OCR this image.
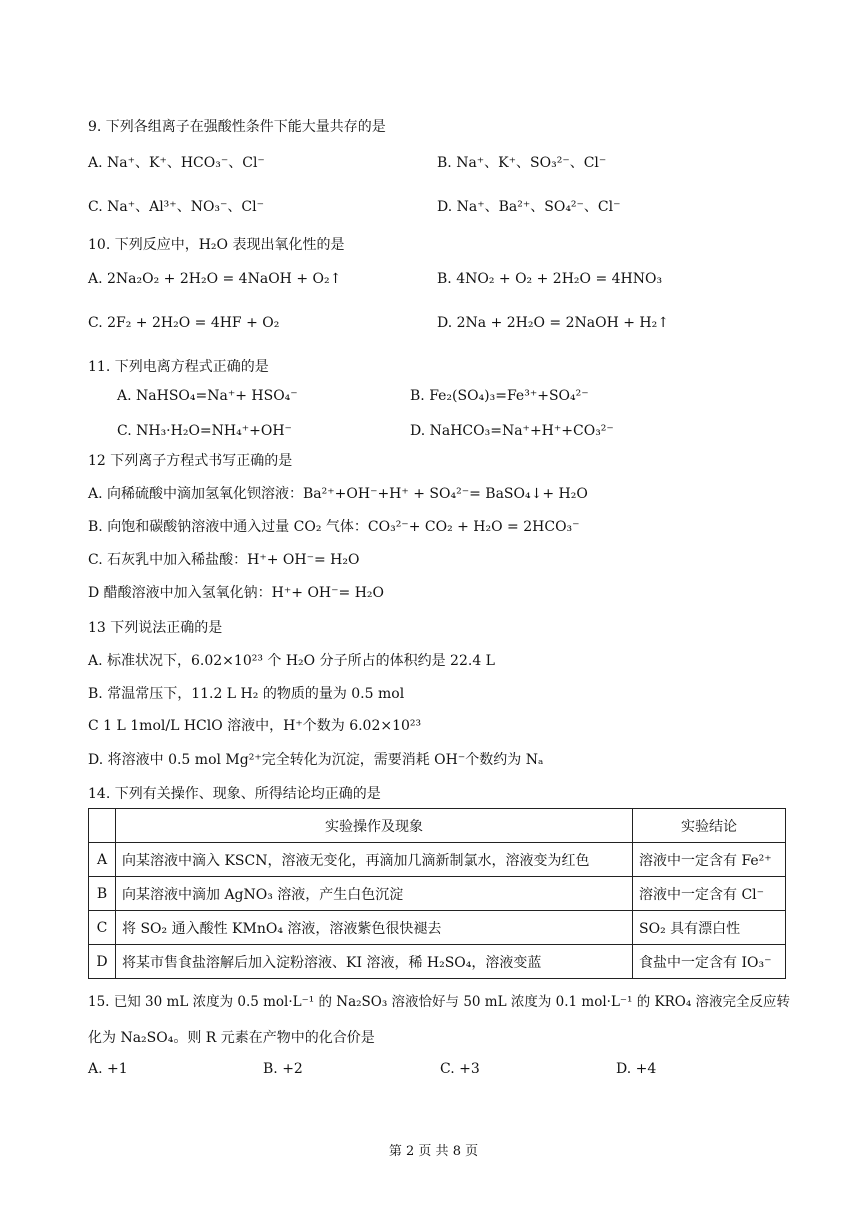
9. 下列各组离子在强酸性条件下能大量共存的是
A. Na⁺、K⁺、HCO₃⁻、Cl⁻	B. Na⁺、K⁺、SO₃²⁻、Cl⁻
C. Na⁺、Al³⁺、NO₃⁻、Cl⁻	D. Na⁺、Ba²⁺、SO₄²⁻、Cl⁻
10. 下列反应中，H₂O 表现出氧化性的是
A. 2Na₂O₂ + 2H₂O = 4NaOH + O₂↑	B. 4NO₂ + O₂ + 2H₂O = 4HNO₃
C. 2F₂ + 2H₂O = 4HF + O₂	D. 2Na + 2H₂O = 2NaOH + H₂↑
11. 下列电离方程式正确的是
A. NaHSO₄=Na⁺+ HSO₄⁻	B. Fe₂(SO₄)₃=Fe³⁺+SO₄²⁻
C. NH₃·H₂O=NH₄⁺+OH⁻	D. NaHCO₃=Na⁺+H⁺+CO₃²⁻
12 下列离子方程式书写正确的是
A. 向稀硫酸中滴加氢氧化钡溶液：Ba²⁺+OH⁻+H⁺ + SO₄²⁻= BaSO₄↓+ H₂O
B. 向饱和碳酸钠溶液中通入过量 CO₂ 气体：CO₃²⁻+ CO₂ + H₂O = 2HCO₃⁻
C. 石灰乳中加入稀盐酸：H⁺+ OH⁻= H₂O
D 醋酸溶液中加入氢氧化钠：H⁺+ OH⁻= H₂O
13 下列说法正确的是
A. 标准状况下，6.02×10²³ 个 H₂O 分子所占的体积约是 22.4 L
B. 常温常压下，11.2 L H₂ 的物质的量为 0.5 mol
C 1 L 1mol/L HClO 溶液中，H⁺个数为 6.02×10²³
D. 将溶液中 0.5 mol Mg²⁺完全转化为沉淀，需要消耗 OH⁻个数约为 Nₐ
14. 下列有关操作、现象、所得结论均正确的是
	实验操作及现象	实验结论
A	向某溶液中滴入 KSCN，溶液无变化，再滴加几滴新制氯水，溶液变为红色	溶液中一定含有 Fe²⁺
B	向某溶液中滴加 AgNO₃ 溶液，产生白色沉淀	溶液中一定含有 Cl⁻
C	将 SO₂ 通入酸性 KMnO₄ 溶液，溶液紫色很快褪去	SO₂ 具有漂白性
D	将某市售食盐溶解后加入淀粉溶液、KI 溶液，稀 H₂SO₄，溶液变蓝	食盐中一定含有 IO₃⁻
15. 已知 30 mL 浓度为 0.5 mol·L⁻¹ 的 Na₂SO₃ 溶液恰好与 50 mL 浓度为 0.1 mol·L⁻¹ 的 KRO₄ 溶液完全反应转
化为 Na₂SO₄。则 R 元素在产物中的化合价是
A. +1	B. +2	C. +3	D. +4
第 2 页 共 8 页
